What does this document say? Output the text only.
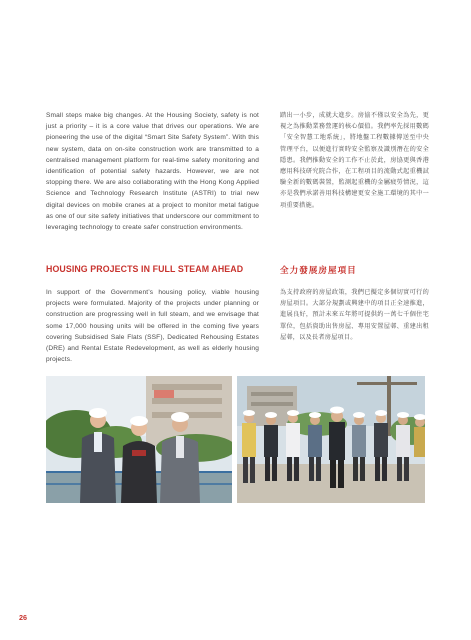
Small steps make big changes. At the Housing Society, safety is not just a priority – it is a core value that drives our operations. We are pioneering the use of the digital “Smart Site Safety System”. With this new system, data on on-site construction work are transmitted to a centralised management platform for real-time safety monitoring and identification of potential safety hazards. However, we are not stopping there. We are also collaborating with the Hong Kong Applied Science and Technology Research Institute (ASTRI) to trial new digital devices on mobile cranes at a project to monitor metal fatigue as one of our site safety initiatives that underscore our commitment to leveraging technology to create safer construction environments.

HOUSING PROJECTS IN FULL STEAM AHEAD

In support of the Government’s housing policy, viable housing projects were formulated. Majority of the projects under planning or construction are progressing well in full steam, and we envisage that some 17,000 housing units will be offered in the coming five years covering Subsidised Sale Flats (SSF), Dedicated Rehousing Estates (DRE) and Rental Estate Redevelopment, as well as elderly housing projects.

踏出一小步，成就大進步。房協不僅以安全為先，更視之為推動業務營運的核心價值。我們率先採用數碼「安全智慧工地系統」，將地盤工程數據傳送至中央管理平台，以便進行實時安全監察及識別潛在的安全隱患。我們推動安全的工作不止於此，房協更與香港應用科技研究院合作，在工程項目的流動式起重機試驗全新的數碼裝置，監測起重機的金屬疲勞情況，這亦是我們承諾善用科技構建更安全施工環境的其中一項重要措施。

全力發展房屋項目

為支持政府的房屋政策，我們已擬定多個切實可行的房屋項目。大部分規劃或興建中的項目正全速推進，進展良好，預計未來五年將可提供約一萬七千個住宅單位，包括資助出售房屋、專用安置屋邨、重建出租屋邨，以及長者房屋項目。

26
